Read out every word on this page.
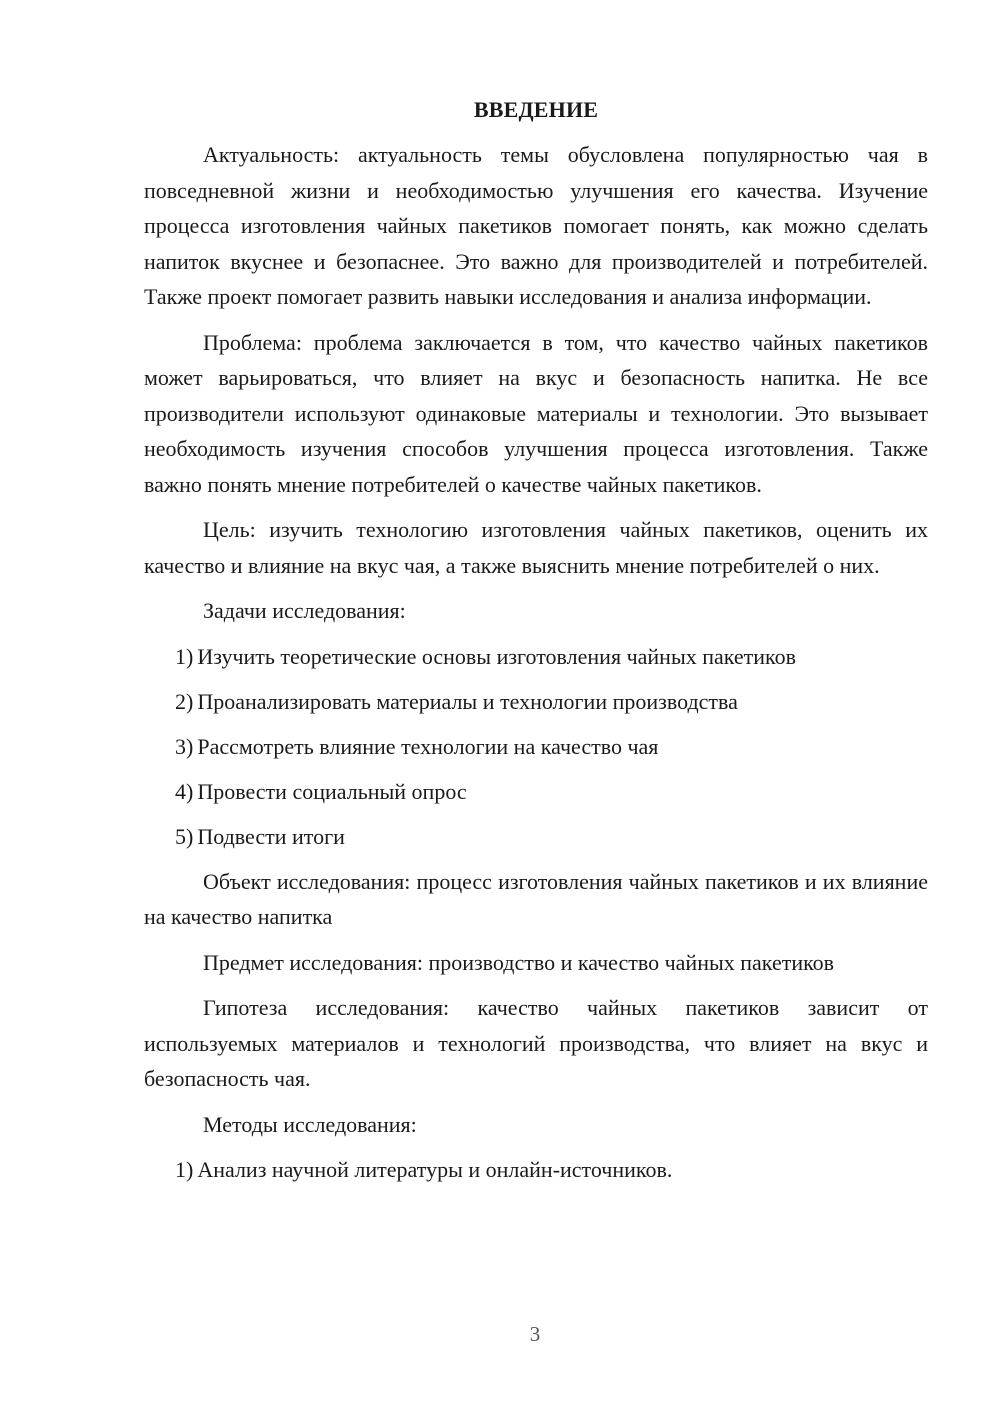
ВВЕДЕНИЕ

Актуальность: актуальность темы обусловлена популярностью чая в повседневной жизни и необходимостью улучшения его качества. Изучение процесса изготовления чайных пакетиков помогает понять, как можно сделать напиток вкуснее и безопаснее. Это важно для производителей и потребителей. Также проект помогает развить навыки исследования и анализа информации.

Проблема: проблема заключается в том, что качество чайных пакетиков может варьироваться, что влияет на вкус и безопасность напитка. Не все производители используют одинаковые материалы и технологии. Это вызывает необходимость изучения способов улучшения процесса изготовления. Также важно понять мнение потребителей о качестве чайных пакетиков.

Цель: изучить технологию изготовления чайных пакетиков, оценить их качество и влияние на вкус чая, а также выяснить мнение потребителей о них.

Задачи исследования:

1) Изучить теоретические основы изготовления чайных пакетиков
2) Проанализировать материалы и технологии производства
3) Рассмотреть влияние технологии на качество чая
4) Провести социальный опрос
5) Подвести итоги

Объект исследования: процесс изготовления чайных пакетиков и их влияние на качество напитка

Предмет исследования: производство и качество чайных пакетиков

Гипотеза исследования: качество чайных пакетиков зависит от используемых материалов и технологий производства, что влияет на вкус и безопасность чая.

Методы исследования:

1) Анализ научной литературы и онлайн-источников.
3
